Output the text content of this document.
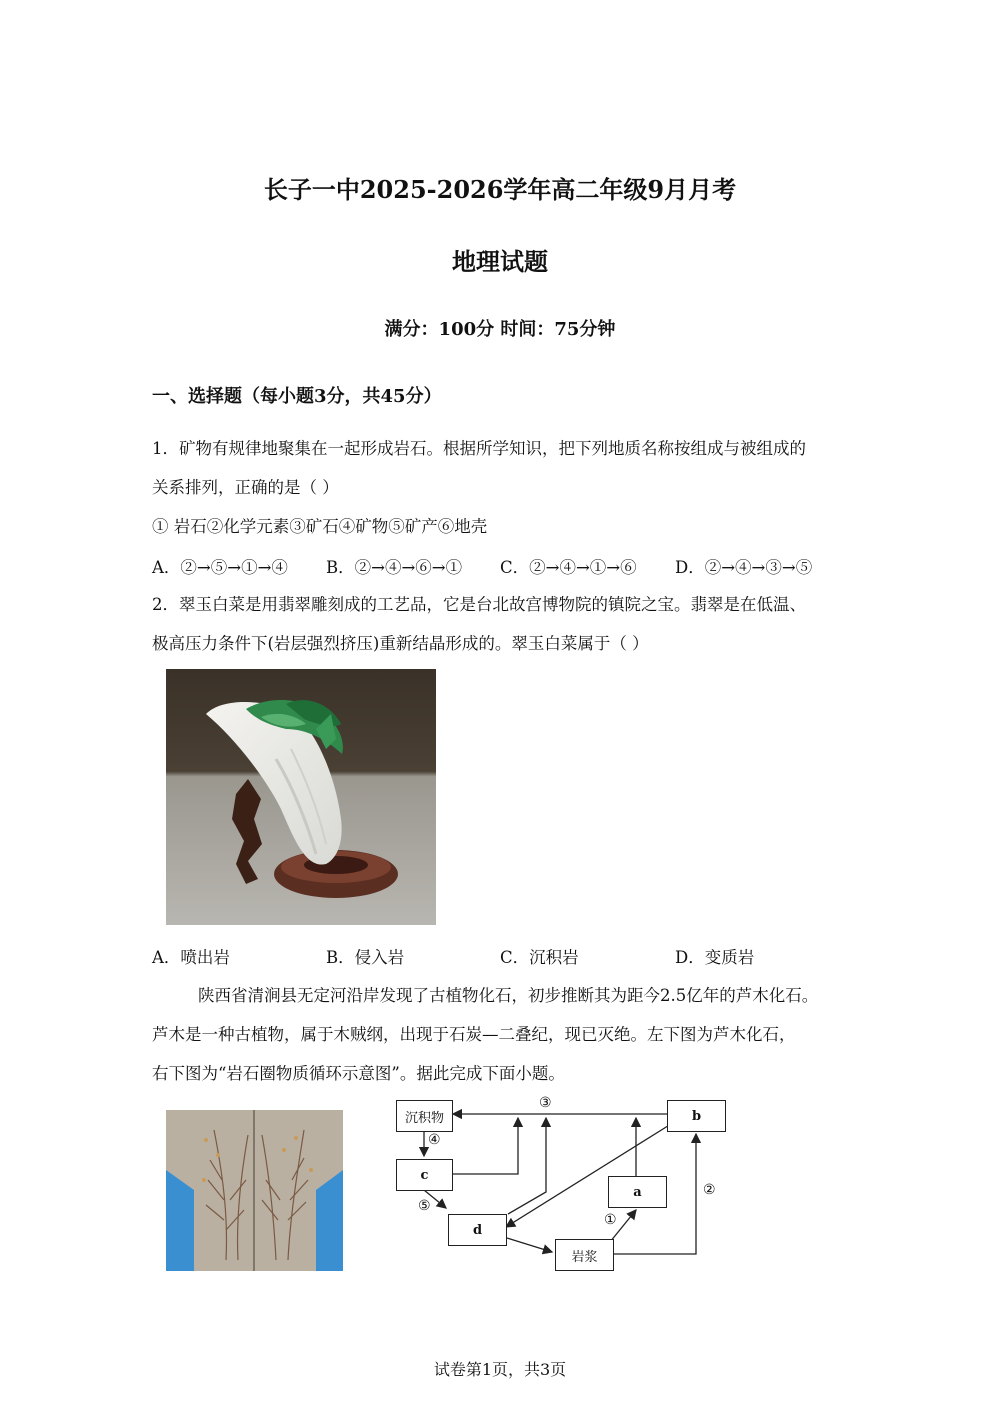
长子一中2025-2026学年高二年级9月月考
地理试题
满分：100分 时间：75分钟
一、选择题（每小题3分，共45分）
1．矿物有规律地聚集在一起形成岩石。根据所学知识，把下列地质名称按组成与被组成的
关系排列，正确的是（ ）
① 岩石②化学元素③矿石④矿物⑤矿产⑥地壳
A．②→⑤→①→④ B．②→④→⑥→① C．②→④→①→⑥ D．②→④→③→⑤
2．翠玉白菜是用翡翠雕刻成的工艺品，它是台北故宫博物院的镇院之宝。翡翠是在低温、
极高压力条件下(岩层强烈挤压)重新结晶形成的。翠玉白菜属于（ ）
A．喷出岩	B．侵入岩	C．沉积岩	D．变质岩
陕西省清涧县无定河沿岸发现了古植物化石，初步推断其为距今2.5亿年的芦木化石。
芦木是一种古植物，属于木贼纲，出现于石炭—二叠纪，现已灭绝。左下图为芦木化石，
右下图为“岩石圈物质循环示意图”。据此完成下面小题。
沉积物	b
c
a
d
岩浆
③
④
⑤
①
②
试卷第1页，共3页
